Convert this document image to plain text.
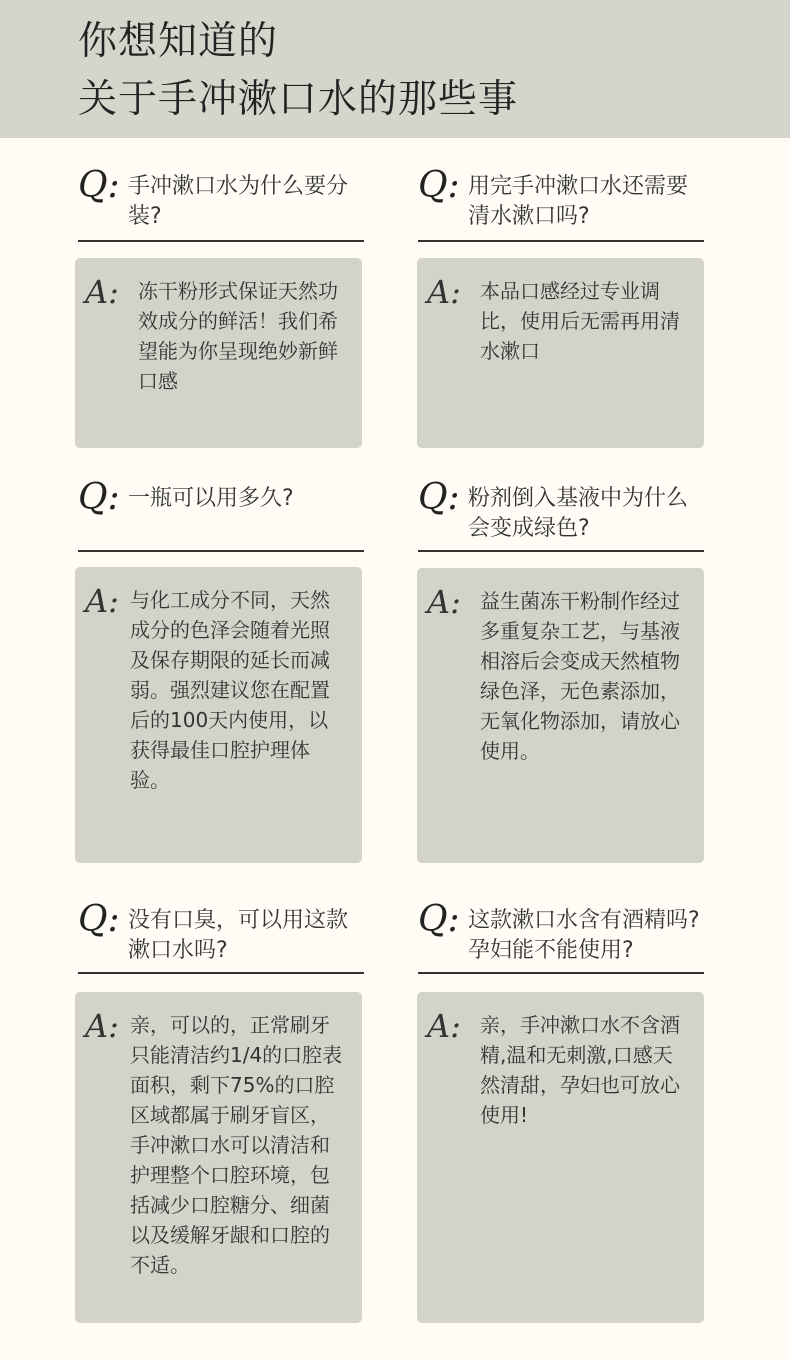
你想知道的
关于手冲漱口水的那些事
Q: 手冲漱口水为什么要分装?
Q: 用完手冲漱口水还需要清水漱口吗?
A: 冻干粉形式保证天然功效成分的鲜活！我们希望能为你呈现绝妙新鲜口感
A: 本品口感经过专业调比，使用后无需再用清水漱口
Q: 一瓶可以用多久?	Q: 粉剂倒入基液中为什么会变成绿色?
A: 与化工成分不同，天然成分的色泽会随着光照及保存期限的延长而减弱。强烈建议您在配置后的100天内使用，以获得最佳口腔护理体验。
A: 益生菌冻干粉制作经过多重复杂工艺，与基液相溶后会变成天然植物绿色泽，无色素添加，无氧化物添加，请放心使用。
Q: 没有口臭，可以用这款漱口水吗?
Q: 这款漱口水含有酒精吗? 孕妇能不能使用?
A: 亲，可以的，正常刷牙只能清洁约1/4的口腔表面积，剩下75%的口腔区域都属于刷牙盲区，手冲漱口水可以清洁和护理整个口腔环境，包括减少口腔糖分、细菌以及缓解牙龈和口腔的不适。
A: 亲，手冲漱口水不含酒精,温和无刺激,口感天然清甜，孕妇也可放心使用!
